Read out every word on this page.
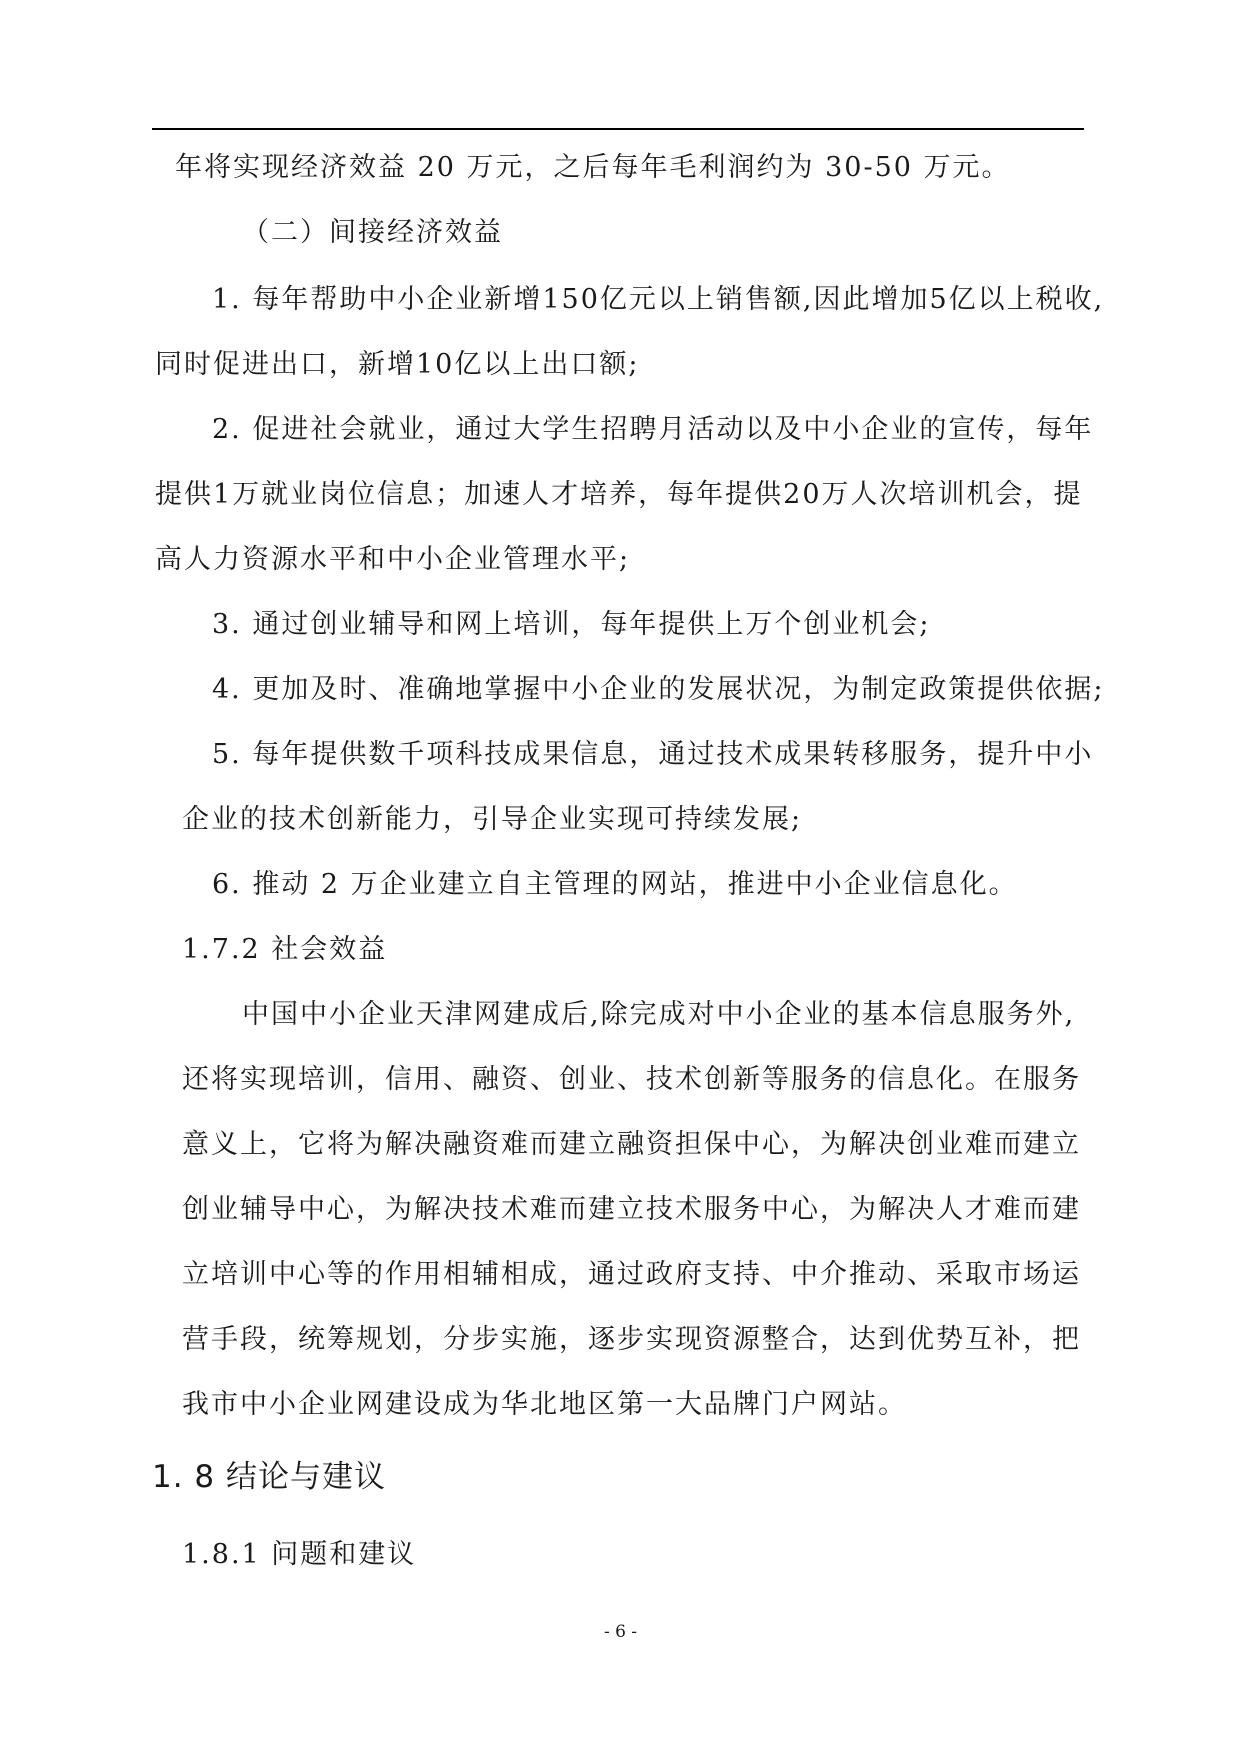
年将实现经济效益 20 万元，之后每年毛利润约为 30-50 万元。
（二）间接经济效益
1. 每年帮助中小企业新增150亿元以上销售额,因此增加5亿以上税收,
同时促进出口，新增10亿以上出口额;
2. 促进社会就业，通过大学生招聘月活动以及中小企业的宣传，每年
提供1万就业岗位信息；加速人才培养，每年提供20万人次培训机会，提
高人力资源水平和中小企业管理水平;
3. 通过创业辅导和网上培训，每年提供上万个创业机会;
4. 更加及时、准确地掌握中小企业的发展状况，为制定政策提供依据;
5. 每年提供数千项科技成果信息，通过技术成果转移服务，提升中小
企业的技术创新能力，引导企业实现可持续发展;
6. 推动 2 万企业建立自主管理的网站，推进中小企业信息化。
1.7.2 社会效益
中国中小企业天津网建成后,除完成对中小企业的基本信息服务外,
还将实现培训，信用、融资、创业、技术创新等服务的信息化。在服务
意义上，它将为解决融资难而建立融资担保中心，为解决创业难而建立
创业辅导中心，为解决技术难而建立技术服务中心，为解决人才难而建
立培训中心等的作用相辅相成，通过政府支持、中介推动、采取市场运
营手段，统筹规划，分步实施，逐步实现资源整合，达到优势互补，把
我市中小企业网建设成为华北地区第一大品牌门户网站。
1. 8 结论与建议
1.8.1 问题和建议
- 6 -
